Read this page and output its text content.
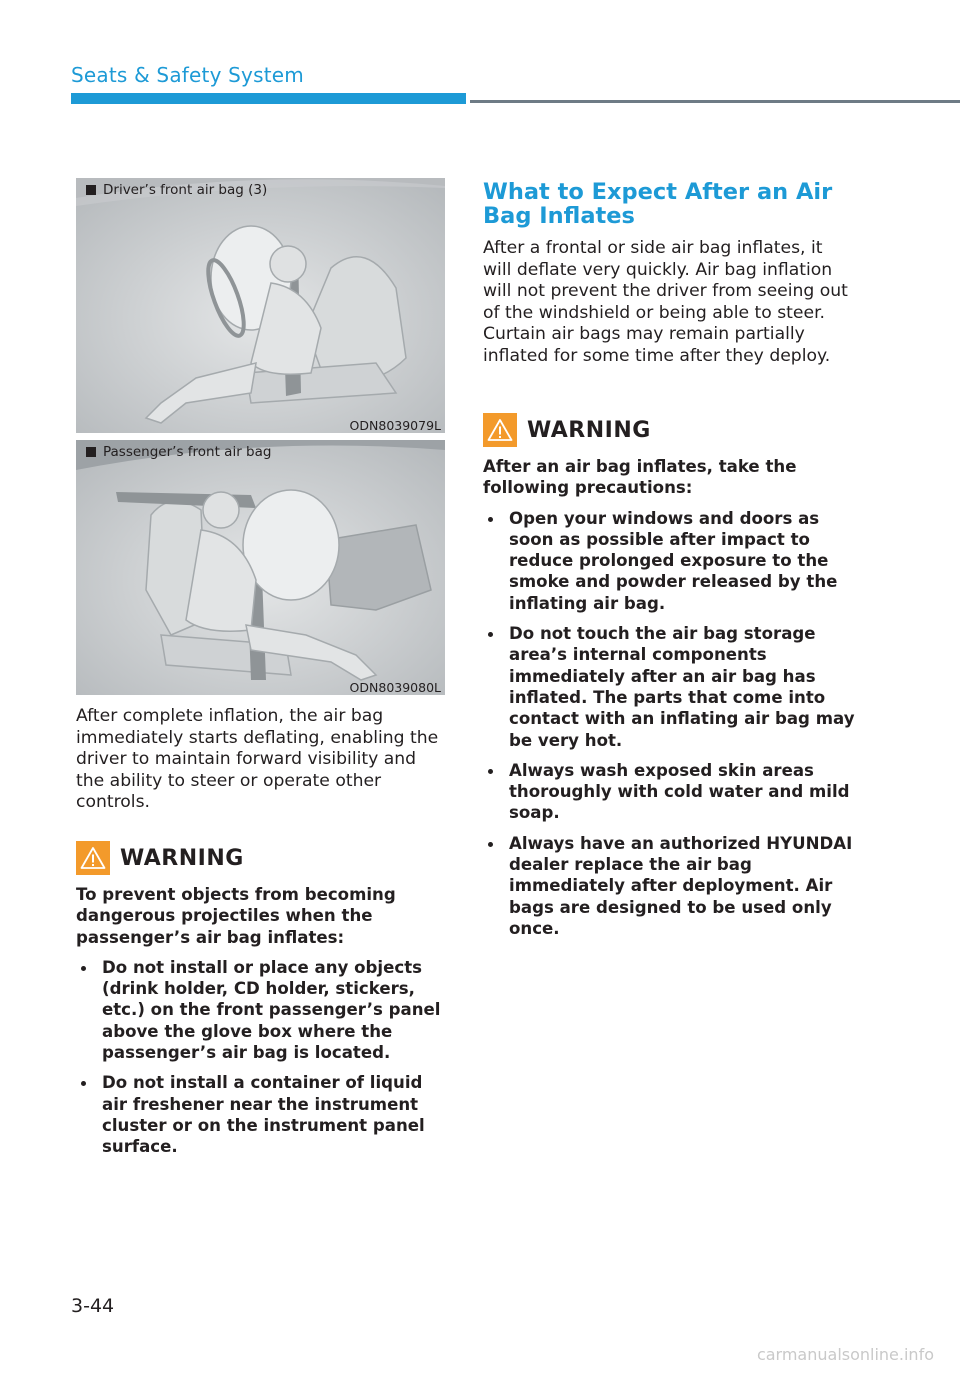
Seats & Safety System
Driver’s front air bag (3)
ODN8039079L
Passenger’s front air bag
ODN8039080L

After complete inflation, the air bag immediately starts deflating, enabling the driver to maintain forward visibility and the ability to steer or operate other controls.

WARNING

To prevent objects from becoming dangerous projectiles when the passenger’s air bag inflates:

Do not install or place any objects (drink holder, CD holder, stickers, etc.) on the front passenger’s panel above the glove box where the passenger’s air bag is located.
Do not install a container of liquid air freshener near the instrument cluster or on the instrument panel surface.
What to Expect After an Air Bag Inflates

After a frontal or side air bag inflates, it will deflate very quickly. Air bag inflation will not prevent the driver from seeing out of the windshield or being able to steer. Curtain air bags may remain partially inflated for some time after they deploy.

WARNING

After an air bag inflates, take the following precautions:

Open your windows and doors as soon as possible after impact to reduce prolonged exposure to the smoke and powder released by the inflating air bag.
Do not touch the air bag storage area’s internal components immediately after an air bag has inflated. The parts that come into contact with an inflating air bag may be very hot.
Always wash exposed skin areas thoroughly with cold water and mild soap.
Always have an authorized HYUNDAI dealer replace the air bag immediately after deployment. Air bags are designed to be used only once.
3-44
carmanualsonline.info
